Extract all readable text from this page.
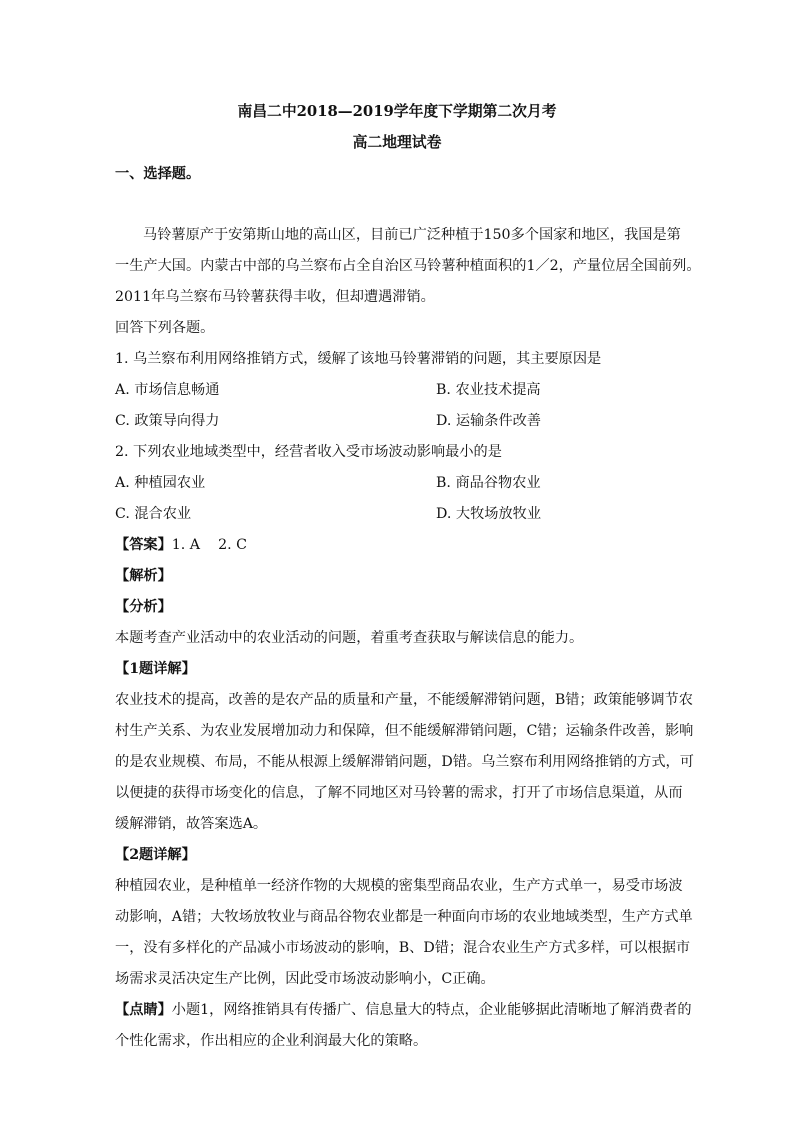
南昌二中2018—2019学年度下学期第二次月考
高二地理试卷
一、选择题。
马铃薯原产于安第斯山地的高山区，目前已广泛种植于150多个国家和地区，我国是第
一生产大国。内蒙古中部的乌兰察布占全自治区马铃薯种植面积的1／2，产量位居全国前列。
2011年乌兰察布马铃薯获得丰收，但却遭遇滞销。
回答下列各题。
1. 乌兰察布利用网络推销方式，缓解了该地马铃薯滞销的问题，其主要原因是
A. 市场信息畅通	B. 农业技术提高
C. 政策导向得力	D. 运输条件改善
2. 下列农业地域类型中，经营者收入受市场波动影响最小的是
A. 种植园农业	B. 商品谷物农业
C. 混合农业	D. 大牧场放牧业
【答案】1. A    2. C
【解析】
【分析】
本题考查产业活动中的农业活动的问题，着重考查获取与解读信息的能力。
【1题详解】
农业技术的提高，改善的是农产品的质量和产量，不能缓解滞销问题，B错；政策能够调节农
村生产关系、为农业发展增加动力和保障，但不能缓解滞销问题，C错；运输条件改善，影响
的是农业规模、布局，不能从根源上缓解滞销问题，D错。乌兰察布利用网络推销的方式，可
以便捷的获得市场变化的信息，了解不同地区对马铃薯的需求，打开了市场信息渠道，从而
缓解滞销，故答案选A。
【2题详解】
种植园农业，是种植单一经济作物的大规模的密集型商品农业，生产方式单一，易受市场波
动影响，A错；大牧场放牧业与商品谷物农业都是一种面向市场的农业地域类型，生产方式单
一，没有多样化的产品减小市场波动的影响，B、D错；混合农业生产方式多样，可以根据市
场需求灵活决定生产比例，因此受市场波动影响小，C正确。
【点睛】小题1，网络推销具有传播广、信息量大的特点，企业能够据此清晰地了解消费者的
个性化需求，作出相应的企业利润最大化的策略。
